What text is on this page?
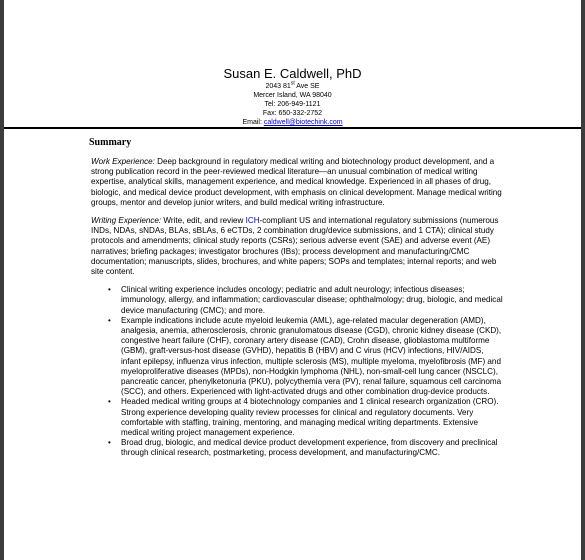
Susan E. Caldwell, PhD
2043 81st Ave SE
Mercer Island, WA 98040
Tel: 206-949-1121
Fax: 650-332-2752
Email: caldwell@biotechink.com
Summary

Work Experience: Deep background in regulatory medical writing and biotechnology product development, and a strong publication record in the peer-reviewed medical literature—an unusual combination of medical writing expertise, analytical skills, management experience, and medical knowledge. Experienced in all phases of drug, biologic, and medical device product development, with emphasis on clinical development. Manage medical writing groups, mentor and develop junior writers, and build medical writing infrastructure.

Writing Experience: Write, edit, and review ICH-compliant US and international regulatory submissions (numerous INDs, NDAs, sNDAs, BLAs, sBLAs, 6 eCTDs, 2 combination drug/device submissions, and 1 CTA); clinical study protocols and amendments; clinical study reports (CSRs); serious adverse event (SAE) and adverse event (AE) narratives; briefing packages; investigator brochures (IBs); process development and manufacturing/CMC documentation; manuscripts, slides, brochures, and white papers; SOPs and templates; internal reports; and web site content.

• Clinical writing experience includes oncology; pediatric and adult neurology; infectious diseases; immunology, allergy, and inflammation; cardiovascular disease; ophthalmology; drug, biologic, and medical device manufacturing (CMC); and more.
• Example indications include acute myeloid leukemia (AML), age-related macular degeneration (AMD), analgesia, anemia, atherosclerosis, chronic granulomatous disease (CGD), chronic kidney disease (CKD), congestive heart failure (CHF), coronary artery disease (CAD), Crohn disease, glioblastoma multiforme (GBM), graft-versus-host disease (GVHD), hepatitis B (HBV) and C virus (HCV) infections, HIV/AIDS, infant epilepsy, influenza virus infection, multiple sclerosis (MS), multiple myeloma, myelofibrosis (MF) and myeloproliferative diseases (MPDs), non-Hodgkin lymphoma (NHL), non-small-cell lung cancer (NSCLC), pancreatic cancer, phenylketonuria (PKU), polycythemia vera (PV), renal failure, squamous cell carcinoma (SCC), and others. Experienced with light-activated drugs and other combination drug-device products.
• Headed medical writing groups at 4 biotechnology companies and 1 clinical research organization (CRO). Strong experience developing quality review processes for clinical and regulatory documents. Very comfortable with staffing, training, mentoring, and managing medical writing departments. Extensive medical writing project management experience.
• Broad drug, biologic, and medical device product development experience, from discovery and preclinical through clinical research, postmarketing, process development, and manufacturing/CMC.
